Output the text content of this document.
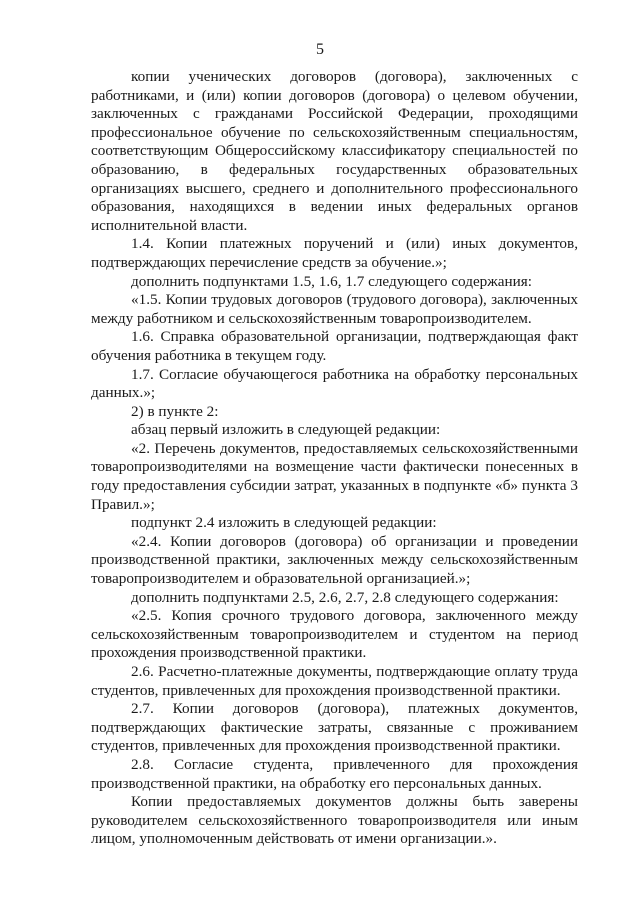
5

копии ученических договоров (договора), заключенных с работниками, и (или) копии договоров (договора) о целевом обучении, заключенных с гражданами Российской Федерации, проходящими профессиональное обучение по сельскохозяйственным специальностям, соответствующим Общероссийскому классификатору специальностей по образованию, в федеральных государственных образовательных организациях высшего, среднего и дополнительного профессионального образования, находящихся в ведении иных федеральных органов исполнительной власти.

1.4. Копии платежных поручений и (или) иных документов, подтверждающих перечисление средств за обучение.»;

дополнить подпунктами 1.5, 1.6, 1.7 следующего содержания:

«1.5. Копии трудовых договоров (трудового договора), заключенных между работником и сельскохозяйственным товаропроизводителем.

1.6. Справка образовательной организации, подтверждающая факт обучения работника в текущем году.

1.7. Согласие обучающегося работника на обработку персональных данных.»;

2) в пункте 2:

абзац первый изложить в следующей редакции:

«2. Перечень документов, предоставляемых сельскохозяйственными товаропроизводителями на возмещение части фактически понесенных в году предоставления субсидии затрат, указанных в подпункте «б» пункта 3 Правил.»;

подпункт 2.4 изложить в следующей редакции:

«2.4. Копии договоров (договора) об организации и проведении производственной практики, заключенных между сельскохозяйственным товаропроизводителем и образовательной организацией.»;

дополнить подпунктами 2.5, 2.6, 2.7, 2.8 следующего содержания:

«2.5. Копия срочного трудового договора, заключенного между сельскохозяйственным товаропроизводителем и студентом на период прохождения производственной практики.

2.6. Расчетно-платежные документы, подтверждающие оплату труда студентов, привлеченных для прохождения производственной практики.

2.7. Копии договоров (договора), платежных документов, подтверждающих фактические затраты, связанные с проживанием студентов, привлеченных для прохождения производственной практики.

2.8. Согласие студента, привлеченного для прохождения производственной практики, на обработку его персональных данных.

Копии предоставляемых документов должны быть заверены руководителем сельскохозяйственного товаропроизводителя или иным лицом, уполномоченным действовать от имени организации.».
